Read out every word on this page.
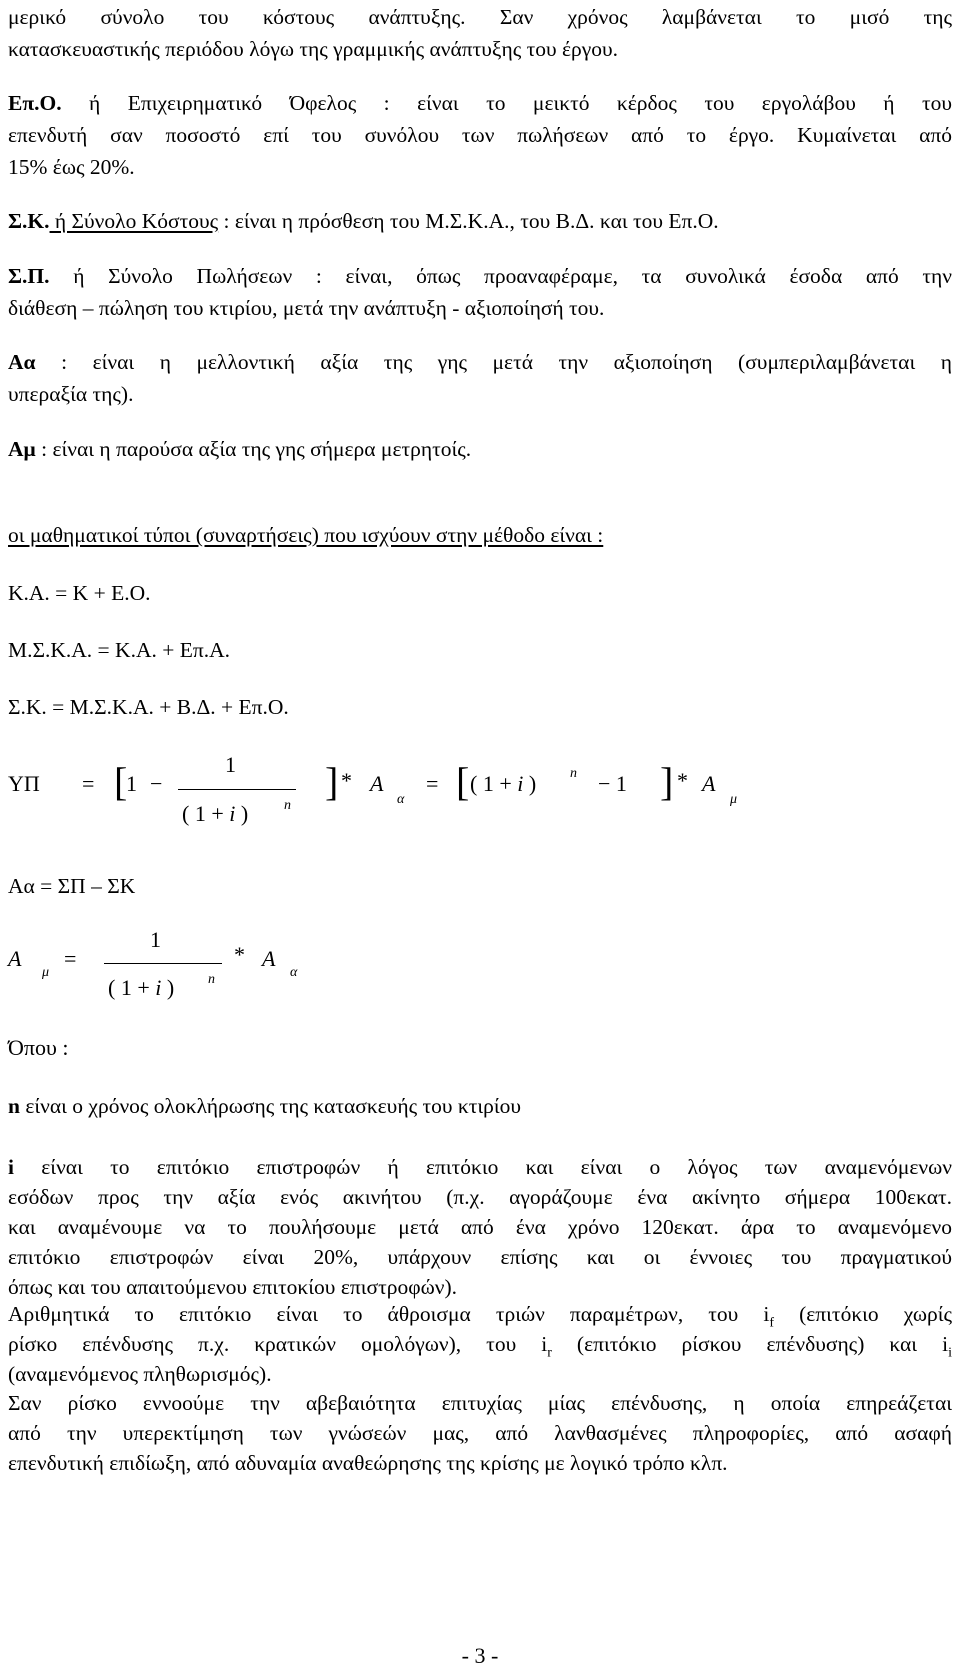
μερικό σύνολο του κόστους ανάπτυξης. Σαν χρόνος λαμβάνεται το μισό της

κατασκευαστικής περιόδου λόγω της γραμμικής ανάπτυξης του έργου.

Επ.Ο. ή Επιχειρηματικό Όφελος : είναι το μεικτό κέρδος του εργολάβου ή του

επενδυτή σαν ποσοστό επί του συνόλου των πωλήσεων από το έργο. Κυμαίνεται από

15% έως 20%.

Σ.Κ. ή Σύνολο Κόστους : είναι η πρόσθεση του Μ.Σ.Κ.Α., του Β.Δ. και του Επ.Ο.

Σ.Π. ή Σύνολο Πωλήσεων : είναι, όπως προαναφέραμε, τα συνολικά έσοδα από την

διάθεση – πώληση του κτιρίου, μετά την ανάπτυξη - αξιοποίησή του.

Αα : είναι η μελλοντική αξία της γης μετά την αξιοποίηση (συμπεριλαμβάνεται η

υπεραξία της).

Αμ : είναι η παρούσα αξία της γης σήμερα μετρητοίς.

οι μαθηματικοί τύποι (συναρτήσεις) που ισχύουν στην μέθοδο είναι :

Κ.Α. = Κ + Ε.Ο.

Μ.Σ.Κ.Α. = Κ.Α. + Επ.Α.

Σ.Κ. = Μ.Σ.Κ.Α. + Β.Δ. + Επ.Ο.

ΥΠ = [
1 −
1
( 1 + i )	n
] * Α
α
= [ ( 1 + i ) n − 1 ] * Α
μ

Αα = ΣΠ – ΣΚ

Α
μ
=
1
( 1 + i ) n
* Α
α

Όπου :

n είναι ο χρόνος ολοκλήρωσης της κατασκευής του κτιρίου

i είναι το επιτόκιο επιστροφών ή επιτόκιο και είναι ο λόγος των αναμενόμενων

εσόδων προς την αξία ενός ακινήτου (π.χ. αγοράζουμε ένα ακίνητο σήμερα 100εκατ.

και αναμένουμε να το πουλήσουμε μετά από ένα χρόνο 120εκατ. άρα το αναμενόμενο

επιτόκιο επιστροφών είναι 20%, υπάρχουν επίσης και οι έννοιες του πραγματικού

όπως και του απαιτούμενου επιτοκίου επιστροφών).

Αριθμητικά το επιτόκιο είναι το άθροισμα τριών παραμέτρων, του $i_f$ (επιτόκιο χωρίς

ρίσκο επένδυσης π.χ. κρατικών ομολόγων), του $i_r$ (επιτόκιο ρίσκου επένδυσης) και $i_i$

(αναμενόμενος πληθωρισμός).

Σαν ρίσκο εννοούμε την αβεβαιότητα επιτυχίας μίας επένδυσης, η οποία επηρεάζεται

από την υπερεκτίμηση των γνώσεών μας, από λανθασμένες πληροφορίες, από ασαφή

επενδυτική επιδίωξη, από αδυναμία αναθεώρησης της κρίσης με λογικό τρόπο κλπ.

- 3 -
